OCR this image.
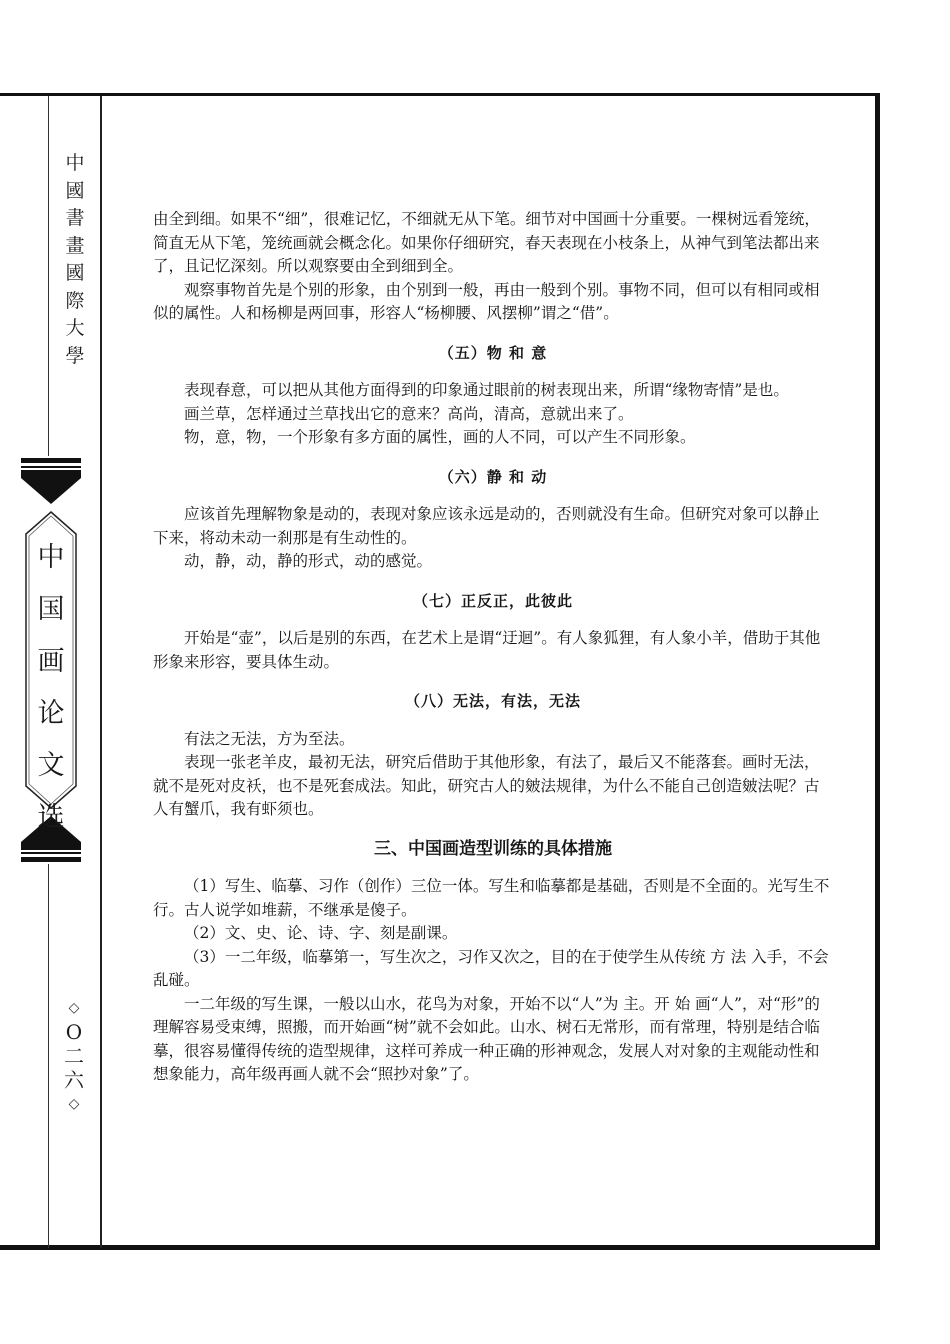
中
國
書
畫
國
際
大
學
中
国
画
论
文
选
◇
O
二
六
◇

由全到细。如果不“细”，很难记忆，不细就无从下笔。细节对中国画十分重要。一棵树远看笼统，简直无从下笔，笼统画就会概念化。如果你仔细研究，春天表现在小枝条上，从神气到笔法都出来了，且记忆深刻。所以观察要由全到细到全。

观察事物首先是个别的形象，由个别到一般，再由一般到个别。事物不同，但可以有相同或相似的属性。人和杨柳是两回事，形容人“杨柳腰、风摆柳”谓之“借”。

（五）物 和 意

表现春意，可以把从其他方面得到的印象通过眼前的树表现出来，所谓“缘物寄情”是也。

画兰草，怎样通过兰草找出它的意来？高尚，清高，意就出来了。

物，意，物，一个形象有多方面的属性，画的人不同，可以产生不同形象。

（六）静 和 动

应该首先理解物象是动的，表现对象应该永远是动的，否则就没有生命。但研究对象可以静止下来，将动未动一刹那是有生动性的。

动，静，动，静的形式，动的感觉。

（七）正反正，此彼此

开始是“壶”，以后是别的东西，在艺术上是谓“迂迴”。有人象狐狸，有人象小羊，借助于其他形象来形容，要具体生动。

（八）无法，有法，无法

有法之无法，方为至法。

表现一张老羊皮，最初无法，研究后借助于其他形象，有法了，最后又不能落套。画时无法，就不是死对皮袄，也不是死套成法。知此，研究古人的皴法规律，为什么不能自己创造皴法呢？古人有蟹爪，我有虾须也。

三、中国画造型训练的具体措施

（1）写生、临摹、习作（创作）三位一体。写生和临摹都是基础，否则是不全面的。光写生不行。古人说学如堆薪，不继承是傻子。

（2）文、史、论、诗、字、刻是副课。

（3）一二年级，临摹第一，写生次之，习作又次之，目的在于使学生从传统 方 法 入手，不会乱碰。

一二年级的写生课，一般以山水，花鸟为对象，开始不以“人”为 主。开 始 画“人”，对“形”的理解容易受束缚，照搬，而开始画“树”就不会如此。山水、树石无常形，而有常理，特别是结合临摹，很容易懂得传统的造型规律，这样可养成一种正确的形神观念，发展人对对象的主观能动性和想象能力，高年级再画人就不会“照抄对象”了。
